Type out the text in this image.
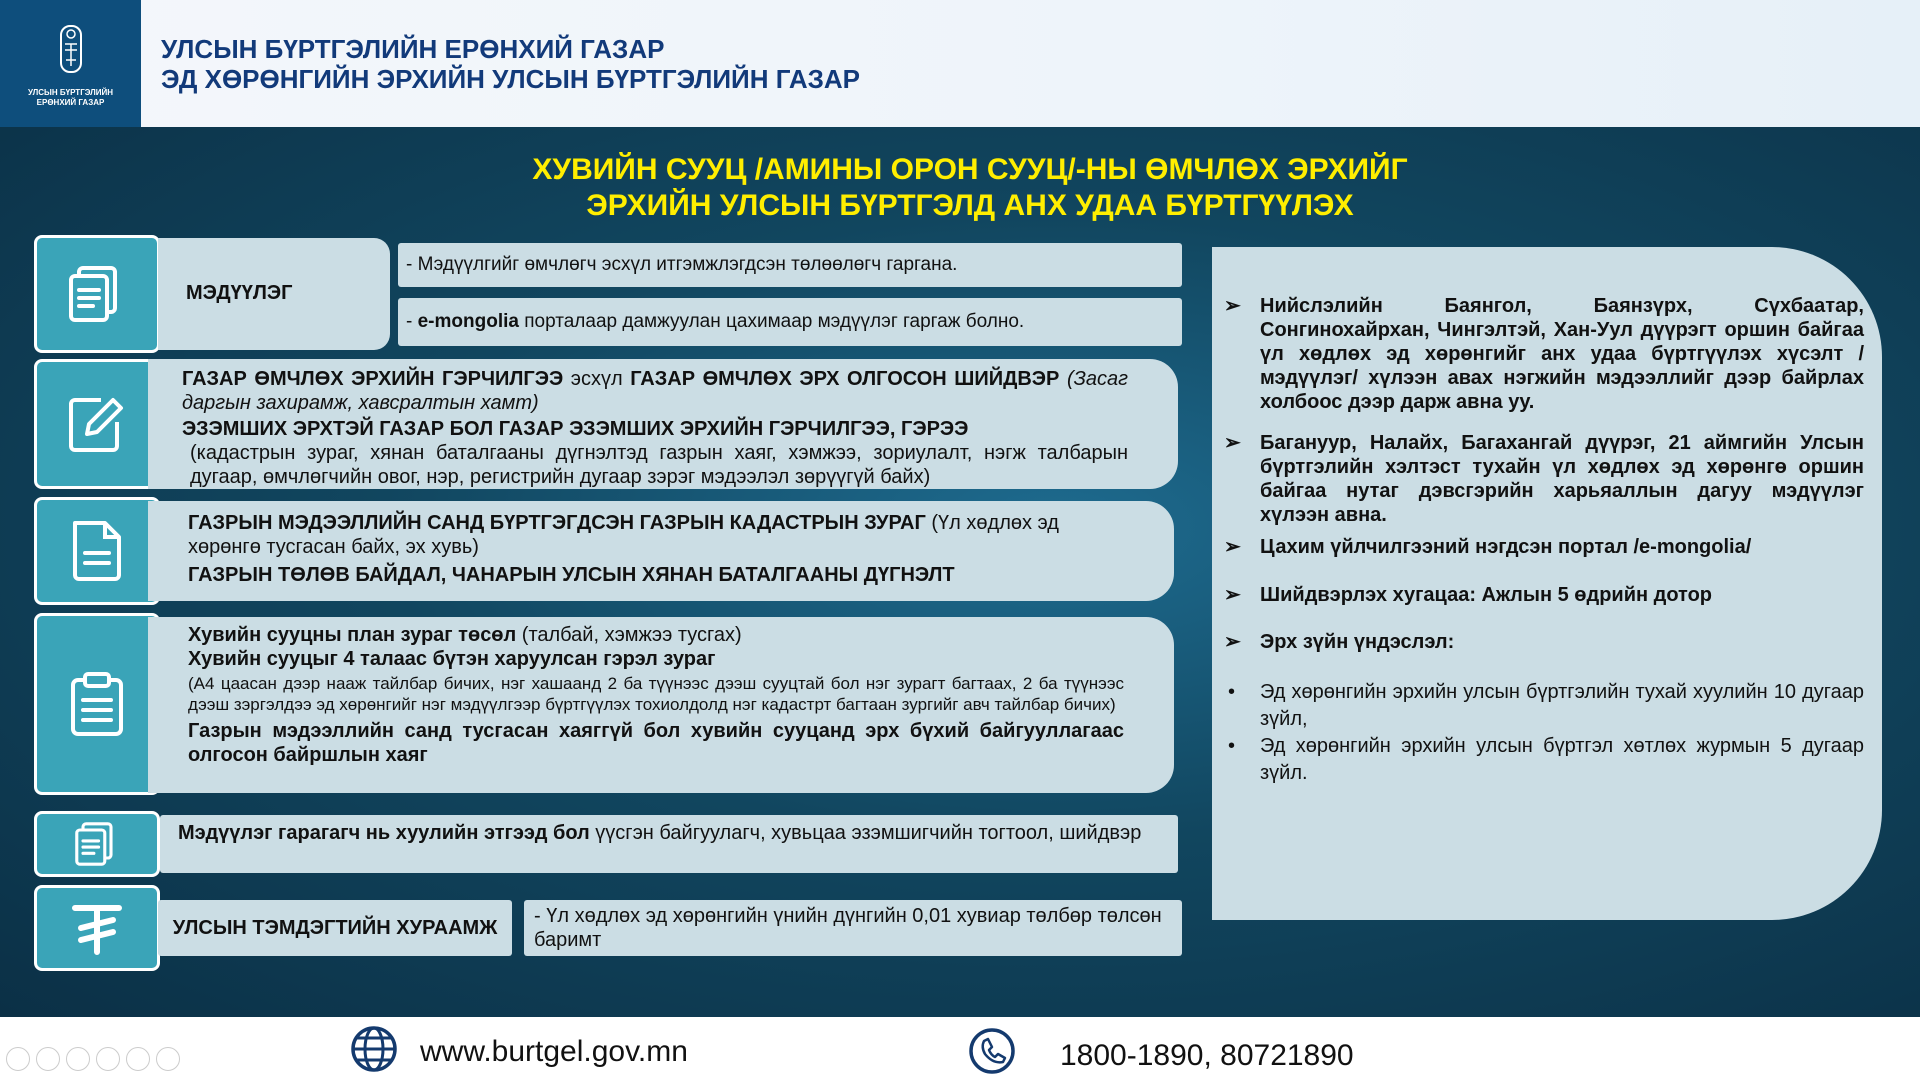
УЛСЫН БҮРТГЭЛИЙН
ЕРӨНХИЙ ГАЗАР
УЛСЫН БҮРТГЭЛИЙН ЕРӨНХИЙ ГАЗАР
ЭД ХӨРӨНГИЙН ЭРХИЙН УЛСЫН БҮРТГЭЛИЙН ГАЗАР
ХУВИЙН СУУЦ /АМИНЫ ОРОН СУУЦ/-НЫ ӨМЧЛӨХ ЭРХИЙГ
ЭРХИЙН УЛСЫН БҮРТГЭЛД АНХ УДАА БҮРТГҮҮЛЭХ
МЭДҮҮЛЭГ
- Мэдүүлгийг өмчлөгч эсхүл итгэмжлэгдсэн төлөөлөгч гаргана.
- e-mongolia порталаар дамжуулан цахимаар мэдүүлэг гаргаж болно.
ГАЗАР ӨМЧЛӨХ ЭРХИЙН ГЭРЧИЛГЭЭ эсхүл ГАЗАР ӨМЧЛӨХ ЭРХ ОЛГОСОН ШИЙДВЭР (Засаг даргын захирамж, хавсралтын хамт)
ЭЗЭМШИХ ЭРХТЭЙ ГАЗАР БОЛ ГАЗАР ЭЗЭМШИХ ЭРХИЙН ГЭРЧИЛГЭЭ, ГЭРЭЭ
(кадастрын зураг, хянан баталгааны дүгнэлтэд газрын хаяг, хэмжээ, зориулалт, нэгж талбарын дугаар, өмчлөгчийн овог, нэр, регистрийн дугаар зэрэг мэдээлэл зөрүүгүй байх)
ГАЗРЫН МЭДЭЭЛЛИЙН САНД БҮРТГЭГДСЭН ГАЗРЫН КАДАСТРЫН ЗУРАГ (Үл хөдлөх эд хөрөнгө тусгасан байх, эх хувь)
ГАЗРЫН ТӨЛӨВ БАЙДАЛ, ЧАНАРЫН УЛСЫН ХЯНАН БАТАЛГААНЫ ДҮГНЭЛТ
Хувийн сууцны план зураг төсөл (талбай, хэмжээ тусгах)
Хувийн сууцыг 4 талаас бүтэн харуулсан гэрэл зураг
(А4 цаасан дээр нааж тайлбар бичих, нэг хашаанд 2 ба түүнээс дээш сууцтай бол нэг зурагт багтаах, 2 ба түүнээс дээш зэргэлдээ эд хөрөнгийг нэг мэдүүлгээр бүртгүүлэх тохиолдолд нэг кадастрт багтаан зургийг авч тайлбар бичих)
Газрын мэдээллийн санд тусгасан хаяггүй бол хувийн сууцанд эрх бүхий байгууллагаас олгосон байршлын хаяг
Мэдүүлэг гарагагч нь хуулийн этгээд бол үүсгэн байгуулагч, хувьцаа эзэмшигчийн тогтоол, шийдвэр
УЛСЫН ТЭМДЭГТИЙН ХУРААМЖ
- Үл хөдлөх эд хөрөнгийн үнийн дүнгийн 0,01 хувиар төлбөр төлсөн баримт
➢ Нийслэлийн Баянгол, Баянзүрх, Сүхбаатар, Сонгинохайрхан, Чингэлтэй, Хан-Уул дүүрэгт оршин байгаа үл хөдлөх эд хөрөнгийг анх удаа бүртгүүлэх хүсэлт /мэдүүлэг/ хүлээн авах нэгжийн мэдээллийг дээр байрлах холбоос дээр дарж авна уу.
➢ Багануур, Налайх, Багахангай дүүрэг, 21 аймгийн Улсын бүртгэлийн хэлтэст тухайн үл хөдлөх эд хөрөнгө оршин байгаа нутаг дэвсгэрийн харьяаллын дагуу мэдүүлэг хүлээн авна.
➢ Цахим үйлчилгээний нэгдсэн портал /e-mongolia/
➢ Шийдвэрлэх хугацаа: Ажлын 5 өдрийн дотор
➢ Эрх зүйн үндэслэл:
•	Эд хөрөнгийн эрхийн улсын бүртгэлийн тухай хуулийн 10 дугаар зүйл,
•	Эд хөрөнгийн эрхийн улсын бүртгэл хөтлөх журмын 5 дугаар зүйл.
www.burtgel.gov.mn	1800-1890, 80721890
